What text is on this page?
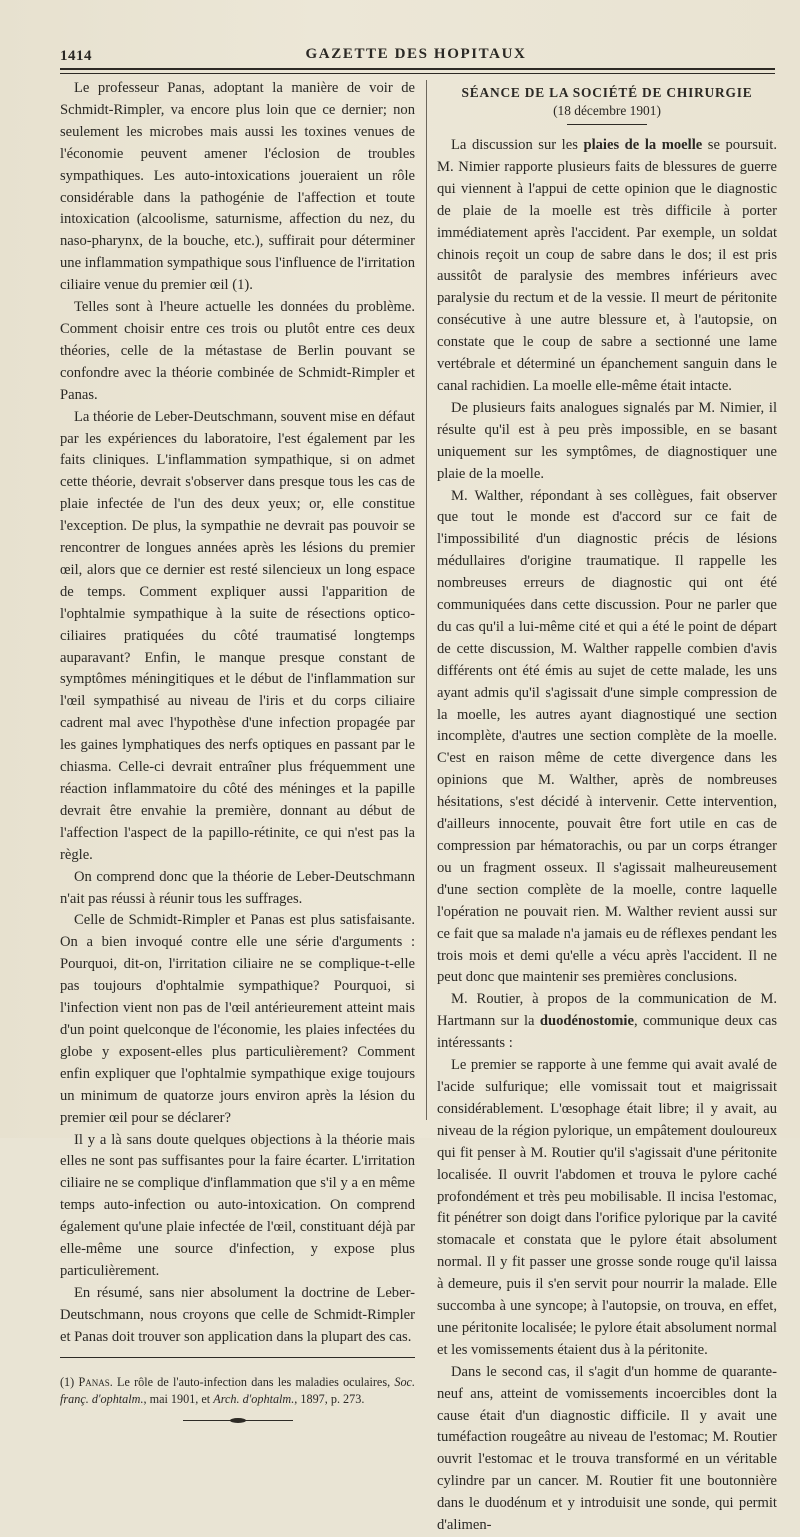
1414	GAZETTE DES HOPITAUX

Le professeur Panas, adoptant la manière de voir de Schmidt-Rimpler, va encore plus loin que ce dernier; non seulement les microbes mais aussi les toxines venues de l'économie peuvent amener l'éclosion de troubles sympathiques. Les auto-intoxications joueraient un rôle considérable dans la pathogénie de l'affection et toute intoxication (alcoolisme, saturnisme, affection du nez, du naso-pharynx, de la bouche, etc.), suffirait pour déterminer une inflammation sympathique sous l'influence de l'irritation ciliaire venue du premier œil (1).

Telles sont à l'heure actuelle les données du problème. Comment choisir entre ces trois ou plutôt entre ces deux théories, celle de la métastase de Berlin pouvant se confondre avec la théorie combinée de Schmidt-Rimpler et Panas.

La théorie de Leber-Deutschmann, souvent mise en défaut par les expériences du laboratoire, l'est également par les faits cliniques. L'inflammation sympathique, si on admet cette théorie, devrait s'observer dans presque tous les cas de plaie infectée de l'un des deux yeux; or, elle constitue l'exception. De plus, la sympathie ne devrait pas pouvoir se rencontrer de longues années après les lésions du premier œil, alors que ce dernier est resté silencieux un long espace de temps. Comment expliquer aussi l'apparition de l'ophtalmie sympathique à la suite de résections optico-ciliaires pratiquées du côté traumatisé longtemps auparavant? Enfin, le manque presque constant de symptômes méningitiques et le début de l'inflammation sur l'œil sympathisé au niveau de l'iris et du corps ciliaire cadrent mal avec l'hypothèse d'une infection propagée par les gaines lymphatiques des nerfs optiques en passant par le chiasma. Celle-ci devrait entraîner plus fréquemment une réaction inflammatoire du côté des méninges et la papille devrait être envahie la première, donnant au début de l'affection l'aspect de la papillo-rétinite, ce qui n'est pas la règle.

On comprend donc que la théorie de Leber-Deutschmann n'ait pas réussi à réunir tous les suffrages.

Celle de Schmidt-Rimpler et Panas est plus satisfaisante. On a bien invoqué contre elle une série d'arguments : Pourquoi, dit-on, l'irritation ciliaire ne se complique-t-elle pas toujours d'ophtalmie sympathique? Pourquoi, si l'infection vient non pas de l'œil antérieurement atteint mais d'un point quelconque de l'économie, les plaies infectées du globe y exposent-elles plus particulièrement? Comment enfin expliquer que l'ophtalmie sympathique exige toujours un minimum de quatorze jours environ après la lésion du premier œil pour se déclarer?

Il y a là sans doute quelques objections à la théorie mais elles ne sont pas suffisantes pour la faire écarter. L'irritation ciliaire ne se complique d'inflammation que s'il y a en même temps auto-infection ou auto-intoxication. On comprend également qu'une plaie infectée de l'œil, constituant déjà par elle-même une source d'infection, y expose plus particulièrement.

En résumé, sans nier absolument la doctrine de Leber-Deutschmann, nous croyons que celle de Schmidt-Rimpler et Panas doit trouver son application dans la plupart des cas.

(1) Panas. Le rôle de l'auto-infection dans les maladies oculaires, Soc. franç. d'ophtalm., mai 1901, et Arch. d'ophtalm., 1897, p. 273.
SÉANCE DE LA SOCIÉTÉ DE CHIRURGIE
(18 décembre 1901)

La discussion sur les plaies de la moelle se poursuit. M. Nimier rapporte plusieurs faits de blessures de guerre qui viennent à l'appui de cette opinion que le diagnostic de plaie de la moelle est très difficile à porter immédiatement après l'accident. Par exemple, un soldat chinois reçoit un coup de sabre dans le dos; il est pris aussitôt de paralysie des membres inférieurs avec paralysie du rectum et de la vessie. Il meurt de péritonite consécutive à une autre blessure et, à l'autopsie, on constate que le coup de sabre a sectionné une lame vertébrale et déterminé un épanchement sanguin dans le canal rachidien. La moelle elle-même était intacte.

De plusieurs faits analogues signalés par M. Nimier, il résulte qu'il est à peu près impossible, en se basant uniquement sur les symptômes, de diagnostiquer une plaie de la moelle.

M. Walther, répondant à ses collègues, fait observer que tout le monde est d'accord sur ce fait de l'impossibilité d'un diagnostic précis de lésions médullaires d'origine traumatique. Il rappelle les nombreuses erreurs de diagnostic qui ont été communiquées dans cette discussion. Pour ne parler que du cas qu'il a lui-même cité et qui a été le point de départ de cette discussion, M. Walther rappelle combien d'avis différents ont été émis au sujet de cette malade, les uns ayant admis qu'il s'agissait d'une simple compression de la moelle, les autres ayant diagnostiqué une section incomplète, d'autres une section complète de la moelle. C'est en raison même de cette divergence dans les opinions que M. Walther, après de nombreuses hésitations, s'est décidé à intervenir. Cette intervention, d'ailleurs innocente, pouvait être fort utile en cas de compression par hématorachis, ou par un corps étranger ou un fragment osseux. Il s'agissait malheureusement d'une section complète de la moelle, contre laquelle l'opération ne pouvait rien. M. Walther revient aussi sur ce fait que sa malade n'a jamais eu de réflexes pendant les trois mois et demi qu'elle a vécu après l'accident. Il ne peut donc que maintenir ses premières conclusions.

M. Routier, à propos de la communication de M. Hartmann sur la duodénostomie, communique deux cas intéressants :

Le premier se rapporte à une femme qui avait avalé de l'acide sulfurique; elle vomissait tout et maigrissait considérablement. L'œsophage était libre; il y avait, au niveau de la région pylorique, un empâtement douloureux qui fit penser à M. Routier qu'il s'agissait d'une péritonite localisée. Il ouvrit l'abdomen et trouva le pylore caché profondément et très peu mobilisable. Il incisa l'estomac, fit pénétrer son doigt dans l'orifice pylorique par la cavité stomacale et constata que le pylore était absolument normal. Il y fit passer une grosse sonde rouge qu'il laissa à demeure, puis il s'en servit pour nourrir la malade. Elle succomba à une syncope; à l'autopsie, on trouva, en effet, une péritonite localisée; le pylore était absolument normal et les vomissements étaient dus à la péritonite.

Dans le second cas, il s'agit d'un homme de quarante-neuf ans, atteint de vomissements incoercibles dont la cause était d'un diagnostic difficile. Il y avait une tuméfaction rougeâtre au niveau de l'estomac; M. Routier ouvrit l'estomac et le trouva transformé en un véritable cylindre par un cancer. M. Routier fit une boutonnière dans le duodénum et y introduisit une sonde, qui permit d'alimen-
